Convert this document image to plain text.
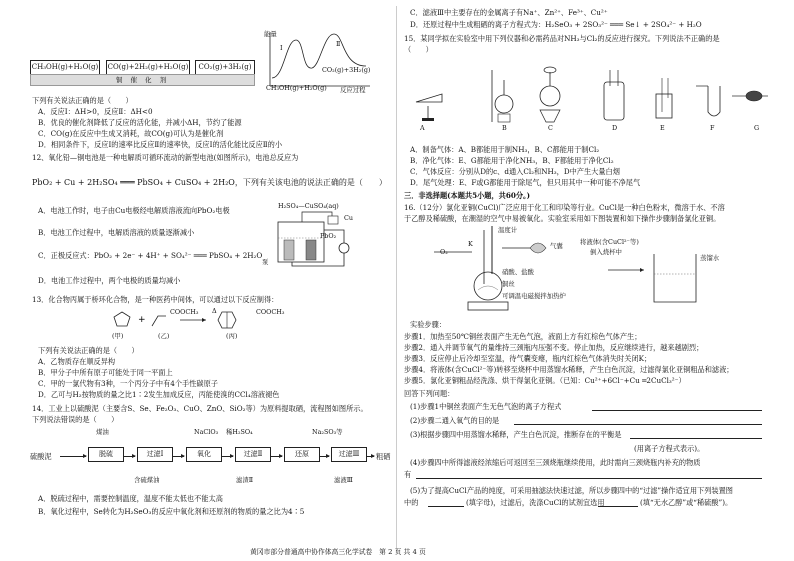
CH₃OH(g)+H₂O(g) CO(g)+2H₂(g)+H₂O(g)	CO₂(g)+3H₂(g)
铜 催 化 剂
能量
Ⅰ	Ⅱ
CH₃OH(g)+H₂O(g)
CO₂(g)+3H₂(g)
反应过程
下列有关说法正确的是（　　）
A．反应Ⅰ：ΔH>0，反应Ⅱ：ΔH<0
B．优良的催化剂降低了反应的活化能，并减小ΔH，节约了能源
C．CO(g)在反应中生成又消耗，故CO(g)可认为是催化剂
D．相同条件下，反应Ⅰ的速率比反应Ⅱ的速率快，反应Ⅰ的活化能比反应Ⅱ的小
12、氧化铅—铜电池是一种电解质可循环流动的新型电池(如图所示)，电池总反应为
PbO₂ + Cu + 2H₂SO₄ ═══ PbSO₄ + CuSO₄ + 2H₂O，下列有关该电池的说法正确的是（　　）
A．电池工作时，电子由Cu电极经电解质溶液流向PbO₂电极
B．电池工作过程中，电解质溶液的质量逐渐减小
C．正极反应式：PbO₂ + 2e⁻ + 4H⁺ + SO₄²⁻ ═══ PbSO₄ + 2H₂O
D．电池工作过程中，两个电极的质量均减小
H₂SO₄—CuSO₄(aq)
PbO₂
Cu
泵
13．化合物丙属于桥环化合物，是一种医药中间体，可以通过以下反应制得：
+
COOCH₃	COOCH₃
Δ
(甲)	(乙)	(丙)
下列有关说法正确的是（　　）
A．乙物质存在顺反异构
B．甲分子中所有原子可能处于同一平面上
C．甲的一氯代物有3种，一个丙分子中有4个手性碳原子
D．乙可与H₂按物质的量之比1∶2发生加成反应，丙能使溴的CCl₄溶液褪色
14．工业上以硫酸泥（主要含S、Se、Fe₂O₃、CuO、ZnO、SiO₂等）为原料提取硒，流程图如图所示。
下列说法错误的是（　　）
煤油	NaClO₃ 稀H₂SO₄	Na₂SO₃等
硫酸泥	脱硫	过滤Ⅰ	氧化	过滤Ⅱ	还原	过滤Ⅲ	粗硒
含硫煤油	滤渣Ⅱ	滤液Ⅲ
A．脱硫过程中，需要控制温度，温度不能太低也不能太高
B．氧化过程中，Se转化为H₂SeO₃的反应中氧化剂和还原剂的物质的量之比为4∶5
C．滤液Ⅲ中主要存在的金属离子有Na⁺、Zn²⁺、Fe³⁺、Cu²⁺
D．还原过程中生成粗硒的离子方程式为：H₂SeO₃ + 2SO₃²⁻ ═══ Se↓ + 2SO₄²⁻ + H₂O
15．某同学拟在实验室中用下列仪器和必需药品对NH₃与Cl₂的反应进行探究。下列说法不正确的是
（　　）
A	B	C	D	E	F	G
A．制备气体：A、B都能用于制NH₃，B、C都能用于制Cl₂
B．净化气体：E、G都能用于净化NH₃，B、F都能用于净化Cl₂
C．气体反应：分别从D的c、d通入Cl₂和NH₃，D中产生大量白烟
D．尾气处理：E、F或G都能用于除尾气，但只用其中一种可能不净尾气
三．非选择题(本题共5小题，共60分。)
16.（12分）氯化亚铜(CuCl)广泛应用于化工和印染等行业。CuCl是一种白色粉末，微溶于水、不溶
于乙醇及稀硫酸，在潮湿的空气中易被氧化。实验室采用如下图装置和如下操作步骤制备氯化亚铜。
温度计
O₂
K	气囊	将液体(含CuCl²⁻等)
倒入烧杯中
硝酸、盐酸
铜丝
可调温电磁搅拌加热炉
蒸馏水
实验步骤：
步骤1．加热至50℃铜丝表面产生无色气泡，液面上方有红棕色气体产生；
步骤2．通入并调节氧气的量维持三颈瓶内压强不变。停止加热，反应继续进行，越来越剧烈；
步骤3．反应停止后冷却至室温，待气囊变瘪，瓶内红棕色气体消失时关闭K；
步骤4．将液体(含CuCl²⁻等)转移至烧杯中用蒸馏水稀释，产生白色沉淀，过滤得氯化亚铜粗品和滤液；
步骤5．氯化亚铜粗品经洗涤、烘干得氯化亚铜。（已知：Cu²⁺+6Cl⁻+Cu ═2CuCl₃²⁻）
回答下列问题：
(1)步骤1中铜丝表面产生无色气泡的离子方程式
(2)步骤二通入氧气的目的是
(3)根据步骤四中用蒸馏水稀释，产生白色沉淀，推断存在的平衡是
(用离子方程式表示)。
(4)步骤四中所得滤液经浓缩后可返回至三颈烧瓶继续使用，此时需向三颈烧瓶内补充的物质
有
(5)为了提高CuCl产品的纯度，可采用抽滤法快速过滤，所以步骤四中的“过滤”操作适宜用下列装置图
中的	(填字母)，过滤后，洗涤CuCl的试剂宜选用	(填“无水乙醇”或“稀硫酸”)。
黄冈市部分普通高中协作体高三化学试卷　第 2 页 共 4 页
